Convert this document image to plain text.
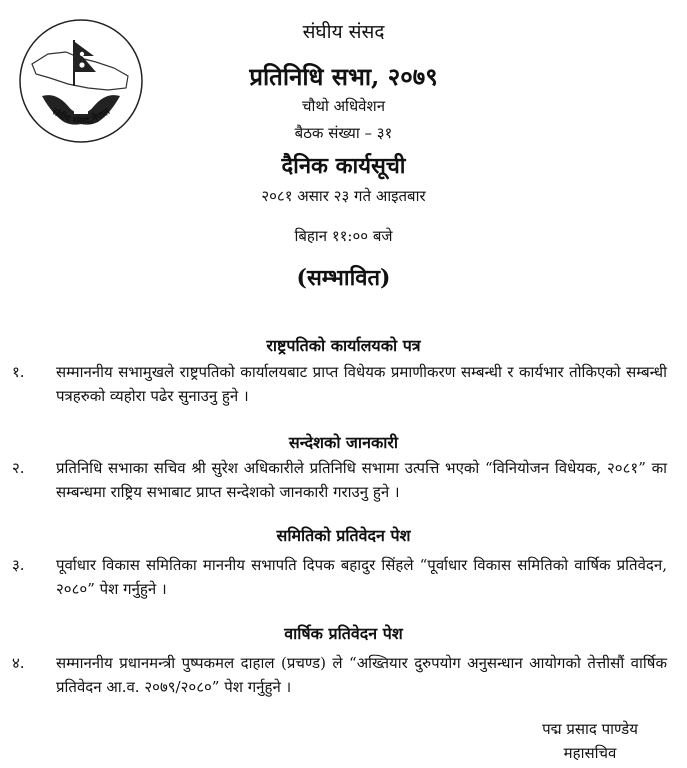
संघीय संसद,नेपाल
संघीय संसद
प्रतिनिधि सभा, २०७९
चौथो अधिवेशन
बैठक संख्या – ३१
दैनिक कार्यसूची
२०८१ असार २३ गते आइतबार
बिहान ११:०० बजे
(सम्भावित)
राष्ट्रपतिको कार्यालयको पत्र
१.	सम्माननीय सभामुखले राष्ट्रपतिको कार्यालयबाट प्राप्त विधेयक प्रमाणीकरण सम्बन्धी र कार्यभार तोकिएको सम्बन्धी पत्रहरुको व्यहोरा पढेर सुनाउनु हुने ।
सन्देशको जानकारी
२.	प्रतिनिधि सभाका सचिव श्री सुरेश अधिकारीले प्रतिनिधि सभामा उत्पत्ति भएको “विनियोजन विधेयक, २०८१” का सम्बन्धमा राष्ट्रिय सभाबाट प्राप्त सन्देशको जानकारी गराउनु हुने ।
समितिको प्रतिवेदन पेश
३.	पूर्वाधार विकास समितिका माननीय सभापति दिपक बहादुर सिंहले “पूर्वाधार विकास समितिको वार्षिक प्रतिवेदन, २०८०” पेश गर्नुहुने ।
वार्षिक प्रतिवेदन पेश
४.	सम्माननीय प्रधानमन्त्री पुष्पकमल दाहाल (प्रचण्ड) ले “अख्तियार दुरुपयोग अनुसन्धान आयोगको तेत्तीसौं वार्षिक प्रतिवेदन आ.व. २०७९/२०८०” पेश गर्नुहुने ।
पद्म प्रसाद पाण्डेय
महासचिव
